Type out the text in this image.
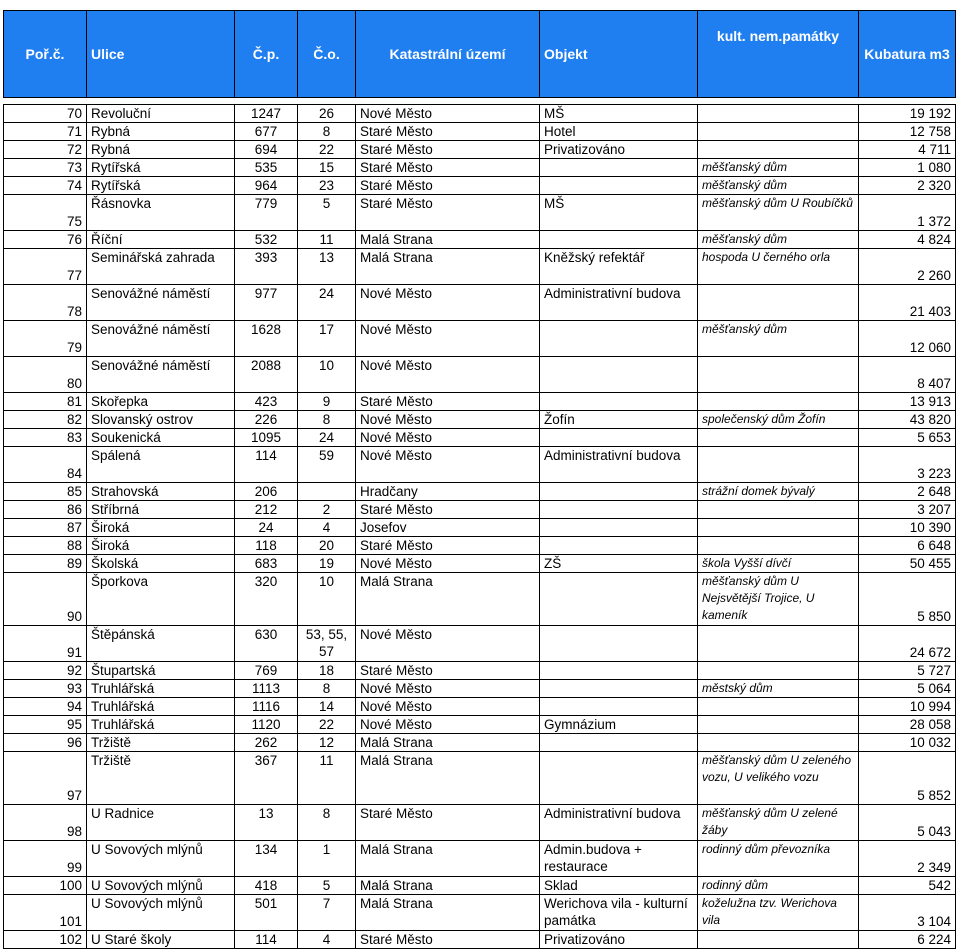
Poř.č.	Ulice	Č.p.	Č.o.	Katastrální území	Objekt	kult. nem.památky	Kubatura m3

70	Revoluční	1247	26	Nové Město	MŠ		19 192
71	Rybná	677	8	Staré Město	Hotel		12 758
72	Rybná	694	22	Staré Město	Privatizováno		4 711
73	Rytířská	535	15	Staré Město		měšťanský dům	1 080
74	Rytířská	964	23	Staré Město		měšťanský dům	2 320
75	Řásnovka	779	5	Staré Město	MŠ	měšťanský dům U Roubíčků	1 372
76	Říční	532	11	Malá Strana		měšťanský dům	4 824
77	Seminářská zahrada	393	13	Malá Strana	Kněžský refektář	hospoda U černého orla	2 260
78	Senovážné náměstí	977	24	Nové Město	Administrativní budova		21 403
79	Senovážné náměstí	1628	17	Nové Město		měšťanský dům	12 060
80	Senovážné náměstí	2088	10	Nové Město			8 407
81	Skořepka	423	9	Staré Město			13 913
82	Slovanský ostrov	226	8	Nové Město	Žofín	společenský dům Žofín	43 820
83	Soukenická	1095	24	Nové Město			5 653
84	Spálená	114	59	Nové Město	Administrativní budova		3 223
85	Strahovská	206		Hradčany		strážní domek bývalý	2 648
86	Stříbrná	212	2	Staré Město			3 207
87	Široká	24	4	Josefov			10 390
88	Široká	118	20	Staré Město			6 648
89	Školská	683	19	Nové Město	ZŠ	škola Vyšší dívčí	50 455
90	Šporkova	320	10	Malá Strana		měšťanský dům U Nejsvětější Trojice, U kameník	5 850
91	Štěpánská	630	53, 55, 57	Nové Město			24 672
92	Štupartská	769	18	Staré Město			5 727
93	Truhlářská	1113	8	Nové Město		městský dům	5 064
94	Truhlářská	1116	14	Nové Město			10 994
95	Truhlářská	1120	22	Nové Město	Gymnázium		28 058
96	Tržiště	262	12	Malá Strana			10 032
97	Tržiště	367	11	Malá Strana		měšťanský dům U zeleného vozu, U velikého vozu	5 852
98	U Radnice	13	8	Staré Město	Administrativní budova	měšťanský dům U zelené žáby	5 043
99	U Sovových mlýnů	134	1	Malá Strana	Admin.budova + restaurace	rodinný dům převozníka	2 349
100	U Sovových mlýnů	418	5	Malá Strana	Sklad	rodinný dům	542
101	U Sovových mlýnů	501	7	Malá Strana	Werichova vila - kulturní památka	koželužna tzv. Werichova vila	3 104
102	U Staré školy	114	4	Staré Město	Privatizováno		6 224
